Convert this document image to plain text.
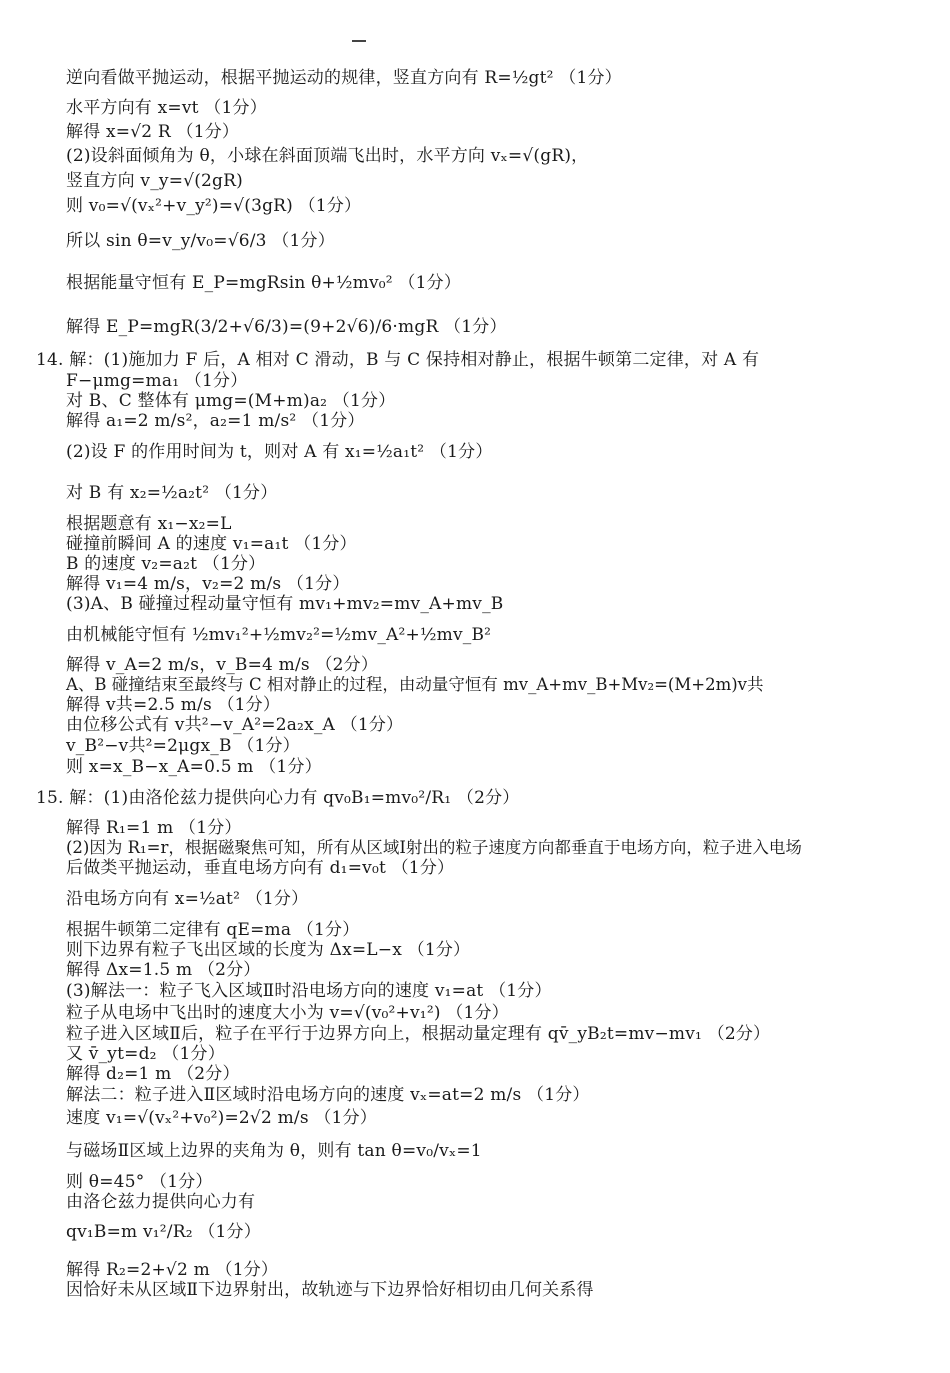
逆向看做平抛运动，根据平抛运动的规律，竖直方向有 R=½gt² （1分）
水平方向有 x=vt （1分）
解得 x=√2 R （1分）
(2)设斜面倾角为 θ，小球在斜面顶端飞出时，水平方向 vₓ=√(gR)，
竖直方向 v_y=√(2gR)
则 v₀=√(vₓ²+v_y²)=√(3gR) （1分）
所以 sin θ=v_y/v₀=√6/3 （1分）
根据能量守恒有 E_P=mgRsin θ+½mv₀² （1分）
解得 E_P=mgR(3/2+√6/3)=(9+2√6)/6·mgR （1分）
14. 解：(1)施加力 F 后，A 相对 C 滑动，B 与 C 保持相对静止，根据牛顿第二定律，对 A 有
F−μmg=ma₁ （1分）
对 B、C 整体有 μmg=(M+m)a₂ （1分）
解得 a₁=2 m/s²，a₂=1 m/s² （1分）
(2)设 F 的作用时间为 t，则对 A 有 x₁=½a₁t² （1分）
对 B 有 x₂=½a₂t² （1分）
根据题意有 x₁−x₂=L
碰撞前瞬间 A 的速度 v₁=a₁t （1分）
B 的速度 v₂=a₂t （1分）
解得 v₁=4 m/s，v₂=2 m/s （1分）
(3)A、B 碰撞过程动量守恒有 mv₁+mv₂=mv_A+mv_B
由机械能守恒有 ½mv₁²+½mv₂²=½mv_A²+½mv_B²
解得 v_A=2 m/s，v_B=4 m/s （2分）
A、B 碰撞结束至最终与 C 相对静止的过程，由动量守恒有 mv_A+mv_B+Mv₂=(M+2m)v共
解得 v共=2.5 m/s （1分）
由位移公式有 v共²−v_A²=2a₂x_A （1分）
v_B²−v共²=2μgx_B （1分）
则 x=x_B−x_A=0.5 m （1分）
15. 解：(1)由洛伦兹力提供向心力有 qv₀B₁=mv₀²/R₁ （2分）
解得 R₁=1 m （1分）
(2)因为 R₁=r，根据磁聚焦可知，所有从区域Ⅰ射出的粒子速度方向都垂直于电场方向，粒子进入电场
后做类平抛运动，垂直电场方向有 d₁=v₀t （1分）
沿电场方向有 x=½at² （1分）
根据牛顿第二定律有 qE=ma （1分）
则下边界有粒子飞出区域的长度为 Δx=L−x （1分）
解得 Δx=1.5 m （2分）
(3)解法一：粒子飞入区域Ⅱ时沿电场方向的速度 v₁=at （1分）
粒子从电场中飞出时的速度大小为 v=√(v₀²+v₁²) （1分）
粒子进入区域Ⅱ后，粒子在平行于边界方向上，根据动量定理有 qv̄_yB₂t=mv−mv₁ （2分）
又 v̄_yt=d₂ （1分）
解得 d₂=1 m （2分）
解法二：粒子进入Ⅱ区域时沿电场方向的速度 vₓ=at=2 m/s （1分）
速度 v₁=√(vₓ²+v₀²)=2√2 m/s （1分）
与磁场Ⅱ区域上边界的夹角为 θ，则有 tan θ=v₀/vₓ=1
则 θ=45° （1分）
由洛仑兹力提供向心力有
qv₁B=m v₁²/R₂ （1分）
解得 R₂=2+√2 m （1分）
因恰好未从区域Ⅱ下边界射出，故轨迹与下边界恰好相切由几何关系得
